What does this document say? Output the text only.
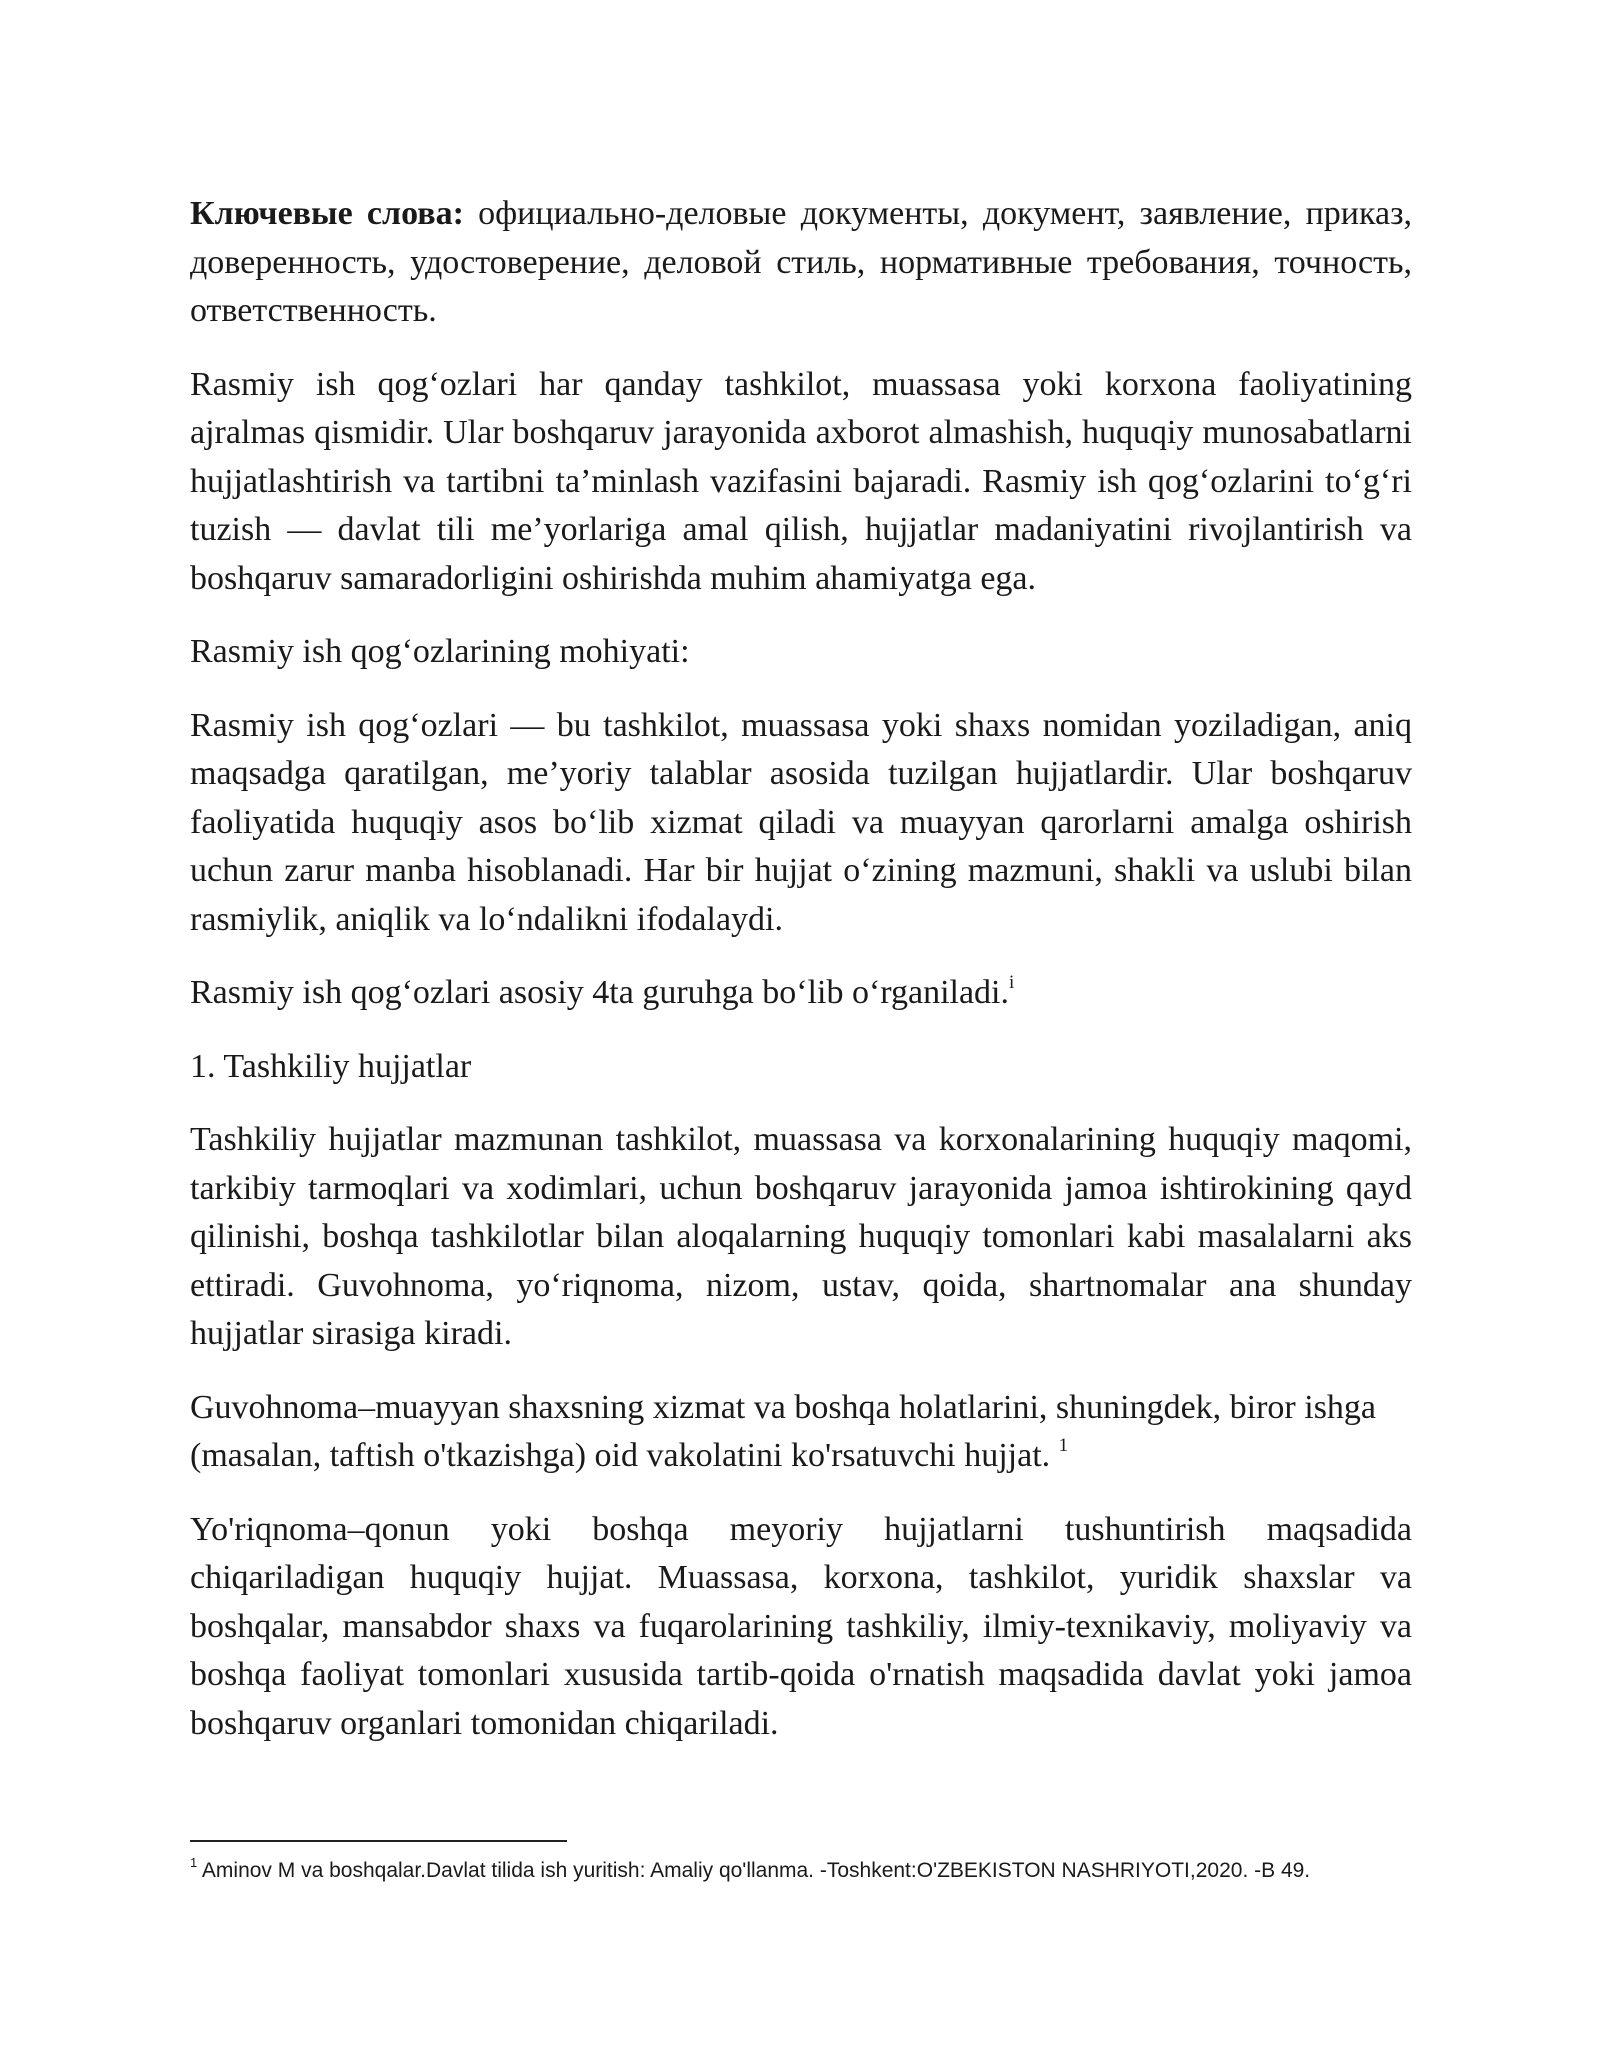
Ключевые слова: официально-деловые документы, документ, заявление, приказ, доверенность, удостоверение, деловой стиль, нормативные требования, точность, ответственность.

Rasmiy ish qog‘ozlari har qanday tashkilot, muassasa yoki korxona faoliyatining ajralmas qismidir. Ular boshqaruv jarayonida axborot almashish, huquqiy munosabatlarni hujjatlashtirish va tartibni ta’minlash vazifasini bajaradi. Rasmiy ish qog‘ozlarini to‘g‘ri tuzish — davlat tili me’yorlariga amal qilish, hujjatlar madaniyatini rivojlantirish va boshqaruv samaradorligini oshirishda muhim ahamiyatga ega.

Rasmiy ish qog‘ozlarining mohiyati:

Rasmiy ish qog‘ozlari — bu tashkilot, muassasa yoki shaxs nomidan yoziladigan, aniq maqsadga qaratilgan, me’yoriy talablar asosida tuzilgan hujjatlardir. Ular boshqaruv faoliyatida huquqiy asos bo‘lib xizmat qiladi va muayyan qarorlarni amalga oshirish uchun zarur manba hisoblanadi. Har bir hujjat o‘zining mazmuni, shakli va uslubi bilan rasmiylik, aniqlik va lo‘ndalikni ifodalaydi.

Rasmiy ish qog‘ozlari asosiy 4ta guruhga bo‘lib o‘rganiladi.$^i$

1. Tashkiliy hujjatlar

Tashkiliy hujjatlar mazmunan tashkilot, muassasa va korxonalarining huquqiy maqomi, tarkibiy tarmoqlari va xodimlari, uchun boshqaruv jarayonida jamoa ishtirokining qayd qilinishi, boshqa tashkilotlar bilan aloqalarning huquqiy tomonlari kabi masalalarni aks ettiradi. Guvohnoma, yo‘riqnoma, nizom, ustav, qoida, shartnomalar ana shunday hujjatlar sirasiga kiradi.

Guvohnoma–muayyan shaxsning xizmat va boshqa holatlarini, shuningdek, biror ishga (masalan, taftish o'tkazishga) oid vakolatini ko'rsatuvchi hujjat. $^1$

Yo'riqnoma–qonun yoki boshqa meyoriy hujjatlarni tushuntirish maqsadida chiqariladigan huquqiy hujjat. Muassasa, korxona, tashkilot, yuridik shaxslar va boshqalar, mansabdor shaxs va fuqarolarining tashkiliy, ilmiy-texnikaviy, moliyaviy va boshqa faoliyat tomonlari xususida tartib-qoida o'rnatish maqsadida davlat yoki jamoa boshqaruv organlari tomonidan chiqariladi.

$^1$ Aminov M va boshqalar.Davlat tilida ish yuritish: Amaliy qo'llanma. -Toshkent:O'ZBEKISTON NASHRIYOTI,2020. -B 49.
